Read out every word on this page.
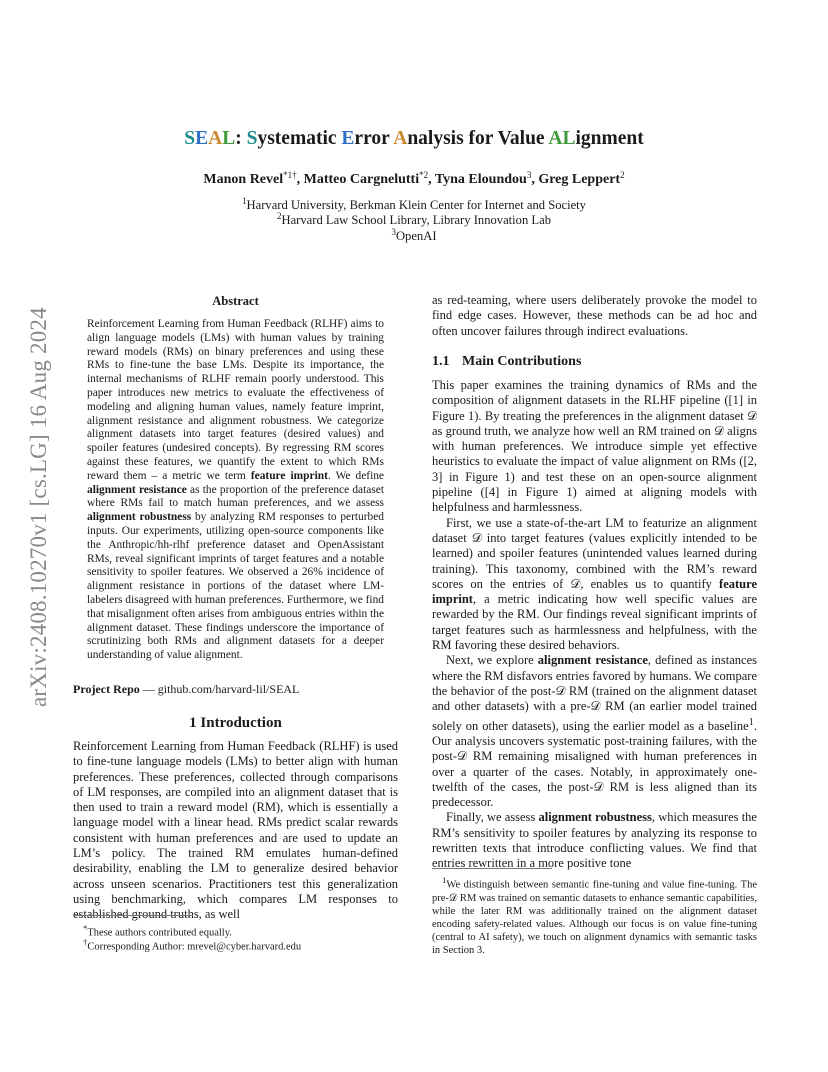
arXiv:2408.10270v1 [cs.LG] 16 Aug 2024
SEAL: Systematic Error Analysis for Value ALignment
Manon Revel$^{*1\dagger}$, Matteo Cargnelutti$^{*2}$, Tyna Eloundou$^3$, Greg Leppert$^2$
$^1$Harvard University, Berkman Klein Center for Internet and Society
$^2$Harvard Law School Library, Library Innovation Lab
$^3$OpenAI
Abstract
Reinforcement Learning from Human Feedback (RLHF) aims to align language models (LMs) with human values by training reward models (RMs) on binary preferences and using these RMs to fine-tune the base LMs. Despite its importance, the internal mechanisms of RLHF remain poorly understood. This paper introduces new metrics to evaluate the effectiveness of modeling and aligning human values, namely feature imprint, alignment resistance and alignment robustness. We categorize alignment datasets into target features (desired values) and spoiler features (undesired concepts). By regressing RM scores against these features, we quantify the extent to which RMs reward them – a metric we term feature imprint. We define alignment resistance as the proportion of the preference dataset where RMs fail to match human preferences, and we assess alignment robustness by analyzing RM responses to perturbed inputs. Our experiments, utilizing open-source components like the Anthropic/hh-rlhf preference dataset and OpenAssistant RMs, reveal significant imprints of target features and a notable sensitivity to spoiler features. We observed a 26% incidence of alignment resistance in portions of the dataset where LM-labelers disagreed with human preferences. Furthermore, we find that misalignment often arises from ambiguous entries within the alignment dataset. These findings underscore the importance of scrutinizing both RMs and alignment datasets for a deeper understanding of value alignment.
Project Repo — github.com/harvard-lil/SEAL
1 Introduction
Reinforcement Learning from Human Feedback (RLHF) is used to fine-tune language models (LMs) to better align with human preferences. These preferences, collected through comparisons of LM responses, are compiled into an alignment dataset that is then used to train a reward model (RM), which is essentially a language model with a linear head. RMs predict scalar rewards consistent with human preferences and are used to update an LM’s policy. The trained RM emulates human-defined desirability, enabling the LM to generalize desired behavior across unseen scenarios. Practitioners test this generalization using benchmarking, which compares LM responses to established ground truths, as well
*These authors contributed equally.
†Corresponding Author: mrevel@cyber.harvard.edu
as red-teaming, where users deliberately provoke the model to find edge cases. However, these methods can be ad hoc and often uncover failures through indirect evaluations.
1.1 Main Contributions

This paper examines the training dynamics of RMs and the composition of alignment datasets in the RLHF pipeline ([1] in Figure 1). By treating the preferences in the alignment dataset 𝒟 as ground truth, we analyze how well an RM trained on 𝒟 aligns with human preferences. We introduce simple yet effective heuristics to evaluate the impact of value alignment on RMs ([2, 3] in Figure 1) and test these on an open-source alignment pipeline ([4] in Figure 1) aimed at aligning models with helpfulness and harmlessness.

First, we use a state-of-the-art LM to featurize an alignment dataset 𝒟 into target features (values explicitly intended to be learned) and spoiler features (unintended values learned during training). This taxonomy, combined with the RM’s reward scores on the entries of 𝒟, enables us to quantify feature imprint, a metric indicating how well specific values are rewarded by the RM. Our findings reveal significant imprints of target features such as harmlessness and helpfulness, with the RM favoring these desired behaviors.

Next, we explore alignment resistance, defined as instances where the RM disfavors entries favored by humans. We compare the behavior of the post-𝒟 RM (trained on the alignment dataset and other datasets) with a pre-𝒟 RM (an earlier model trained solely on other datasets), using the earlier model as a baseline$^1$. Our analysis uncovers systematic post-training failures, with the post-𝒟 RM remaining misaligned with human preferences in over a quarter of the cases. Notably, in approximately one-twelfth of the cases, the post-𝒟 RM is less aligned than its predecessor.

Finally, we assess alignment robustness, which measures the RM’s sensitivity to spoiler features by analyzing its response to rewritten texts that introduce conflicting values. We find that entries rewritten in a more positive tone

$^1$We distinguish between semantic fine-tuning and value fine-tuning. The pre-𝒟 RM was trained on semantic datasets to enhance semantic capabilities, while the later RM was additionally trained on the alignment dataset encoding safety-related values. Although our focus is on value fine-tuning (central to AI safety), we touch on alignment dynamics with semantic tasks in Section 3.
